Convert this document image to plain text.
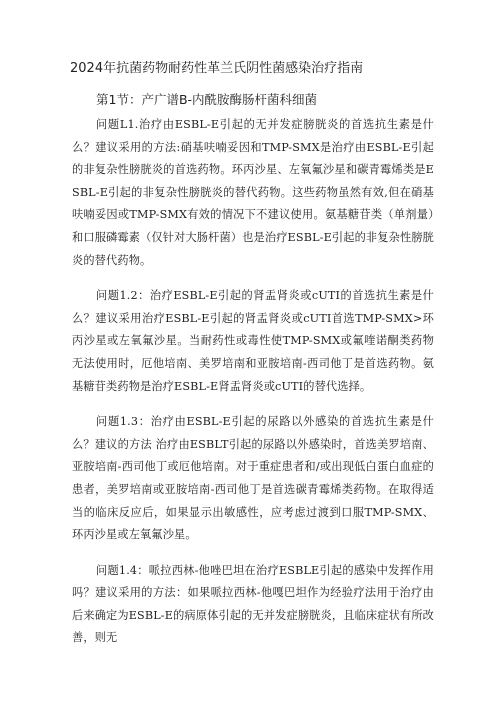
2024年抗菌药物耐药性革兰氏阴性菌感染治疗指南
第1节：产广谱B-内酰胺酶肠杆菌科细菌

问题L1.治疗由ESBL-E引起的无并发症膀胱炎的首选抗生素是什么？建议采用的方法:硝基呋喃妥因和TMP-SMX是治疗由ESBL-E引起的非复杂性膀胱炎的首选药物。环丙沙星、左氧氟沙星和碳青霉烯类是ESBL-E引起的非复杂性膀胱炎的替代药物。这些药物虽然有效,但在硝基呋喃妥因或TMP-SMX有效的情况下不建议使用。氨基糖苷类（单剂量）和口服磷霉素（仅针对大肠杆菌）也是治疗ESBL-E引起的非复杂性膀胱炎的替代药物。

问题1.2：治疗ESBL-E引起的肾盂肾炎或cUTI的首选抗生素是什么？建议采用治疗ESBL-E引起的肾盂肾炎或cUTI首选TMP-SMX>环丙沙星或左氧氟沙星。当耐药性或毒性使TMP-SMX或氟喹诺酮类药物无法使用时，厄他培南、美罗培南和亚胺培南-西司他丁是首选药物。氨基糖苷类药物是治疗ESBL-E肾盂肾炎或cUTI的替代选择。

问题1.3：治疗由ESBL-E引起的尿路以外感染的首选抗生素是什么？建议的方法 治疗由ESBLT引起的尿路以外感染时，首选美罗培南、亚胺培南-西司他丁或厄他培南。对于重症患者和/或出现低白蛋白血症的患者，美罗培南或亚胺培南-西司他丁是首选碳青霉烯类药物。在取得适当的临床反应后，如果显示出敏感性，应考虑过渡到口服TMP-SMX、环丙沙星或左氧氟沙星。

问题1.4：哌拉西林-他唑巴坦在治疗ESBLE引起的感染中发挥作用吗？建议采用的方法：如果哌拉西林-他嘎巴坦作为经验疗法用于治疗由后来确定为ESBL-E的病原体引起的无并发症膀胱炎，且临床症状有所改善，则无
